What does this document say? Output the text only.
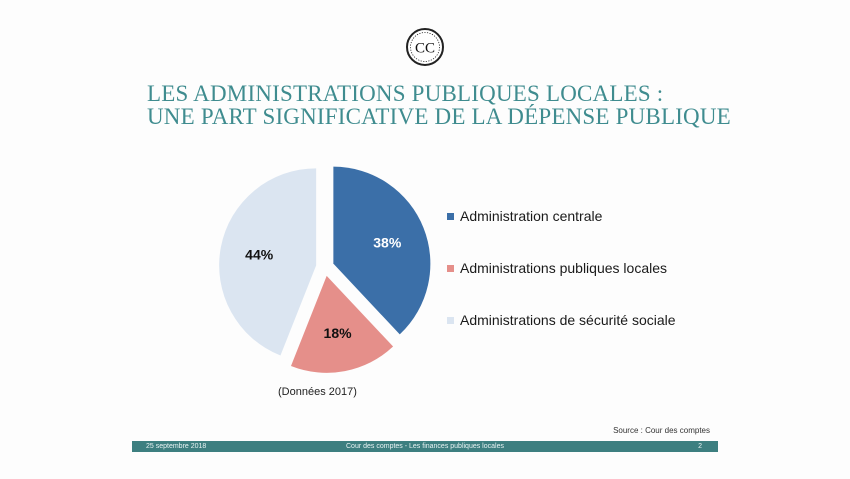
CC
LES ADMINISTRATIONS PUBLIQUES LOCALES :
UNE PART SIGNIFICATIVE DE LA DÉPENSE PUBLIQUE
38%
18%
44%
Administration centrale
Administrations publiques locales
Administrations de sécurité sociale
(Données 2017)
Source : Cour des comptes
25 septembre 2018	Cour des comptes - Les finances publiques locales	2
